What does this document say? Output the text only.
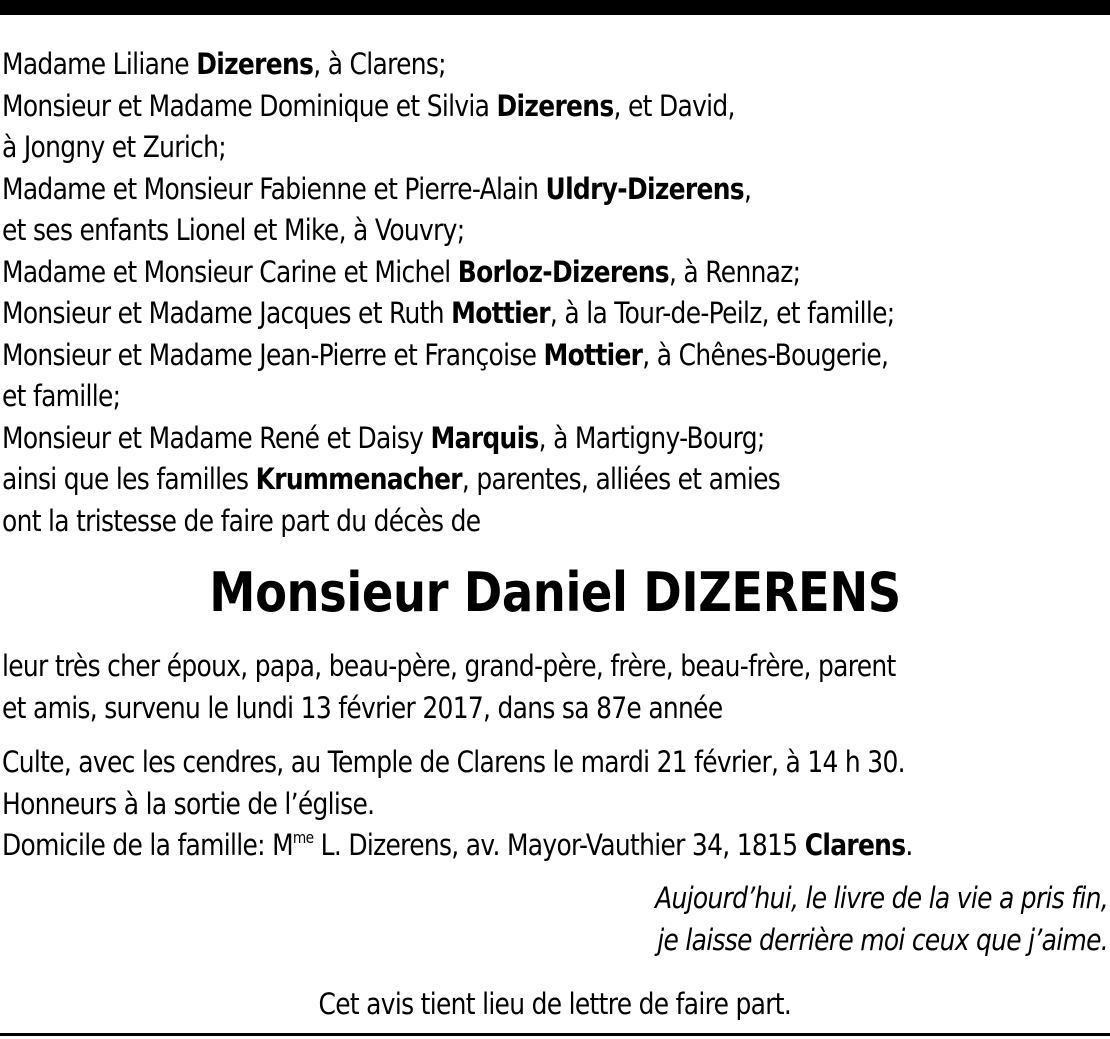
Madame Liliane Dizerens, à Clarens;
Monsieur et Madame Dominique et Silvia Dizerens, et David,
à Jongny et Zurich;
Madame et Monsieur Fabienne et Pierre-Alain Uldry-Dizerens,
et ses enfants Lionel et Mike, à Vouvry;
Madame et Monsieur Carine et Michel Borloz-Dizerens, à Rennaz;
Monsieur et Madame Jacques et Ruth Mottier, à la Tour-de-Peilz, et famille;
Monsieur et Madame Jean-Pierre et Françoise Mottier, à Chênes-Bougerie,
et famille;
Monsieur et Madame René et Daisy Marquis, à Martigny-Bourg;
ainsi que les familles Krummenacher, parentes, alliées et amies
ont la tristesse de faire part du décès de
Monsieur Daniel DIZERENS
leur très cher époux, papa, beau-père, grand-père, frère, beau-frère, parent
et amis, survenu le lundi 13 février 2017, dans sa 87e année
Culte, avec les cendres, au Temple de Clarens le mardi 21 février, à 14 h 30.
Honneurs à la sortie de l’église.
Domicile de la famille: $M^{me}$ L. Dizerens, av. Mayor-Vauthier 34, 1815 Clarens.
Aujourd’hui, le livre de la vie a pris fin,
je laisse derrière moi ceux que j’aime.
Cet avis tient lieu de lettre de faire part.
